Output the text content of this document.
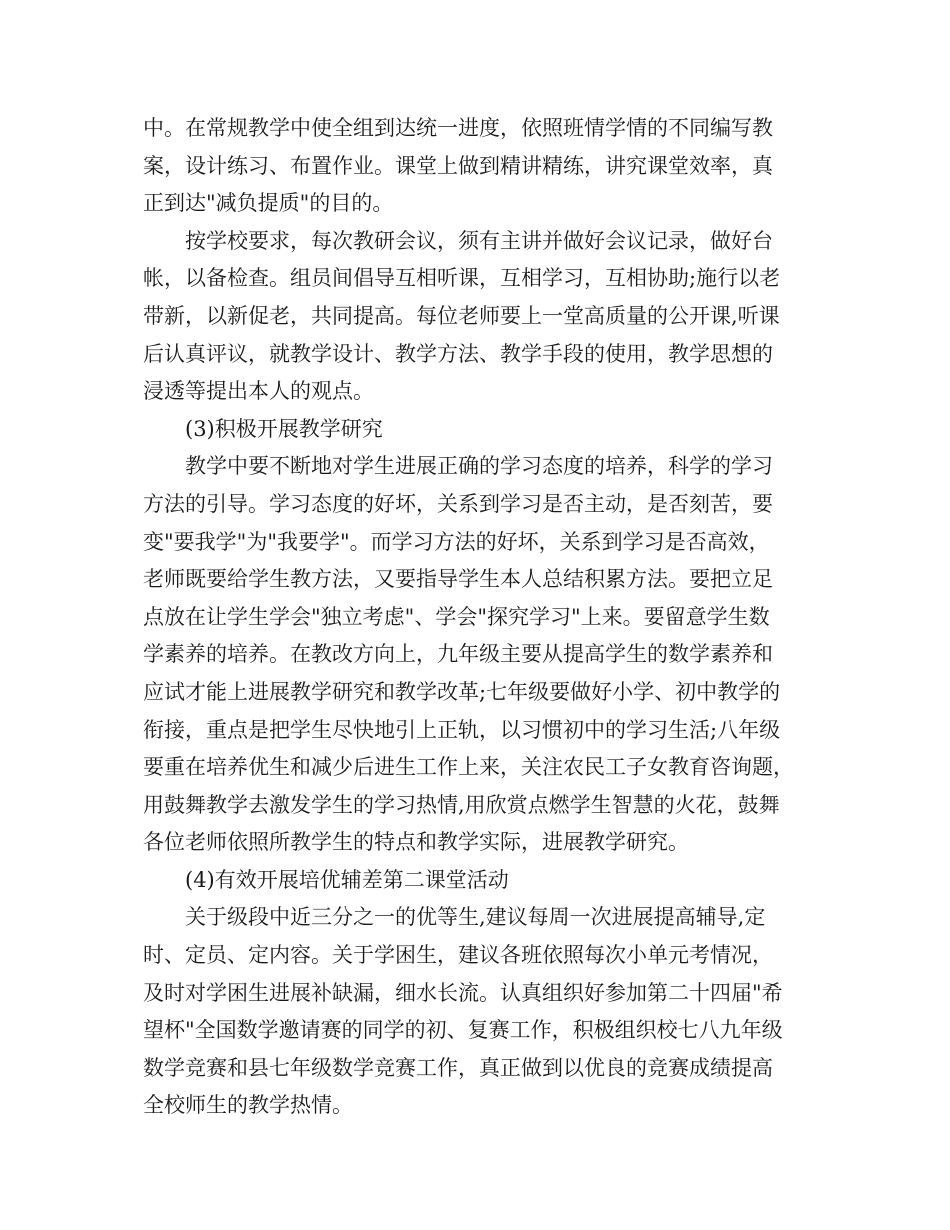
中。在常规教学中使全组到达统一进度，依照班情学情的不同编写教
案，设计练习、布置作业。课堂上做到精讲精练，讲究课堂效率，真
正到达"减负提质"的目的。
按学校要求，每次教研会议，须有主讲并做好会议记录，做好台
帐，以备检查。组员间倡导互相听课，互相学习，互相协助;施行以老
带新，以新促老，共同提高。每位老师要上一堂高质量的公开课,听课
后认真评议，就教学设计、教学方法、教学手段的使用，教学思想的
浸透等提出本人的观点。
(3)积极开展教学研究
教学中要不断地对学生进展正确的学习态度的培养，科学的学习
方法的引导。学习态度的好坏，关系到学习是否主动，是否刻苦，要
变"要我学"为"我要学"。而学习方法的好坏，关系到学习是否高效，
老师既要给学生教方法，又要指导学生本人总结积累方法。要把立足
点放在让学生学会"独立考虑"、学会"探究学习"上来。要留意学生数
学素养的培养。在教改方向上，九年级主要从提高学生的数学素养和
应试才能上进展教学研究和教学改革;七年级要做好小学、初中教学的
衔接，重点是把学生尽快地引上正轨，以习惯初中的学习生活;八年级
要重在培养优生和减少后进生工作上来，关注农民工子女教育咨询题，
用鼓舞教学去激发学生的学习热情,用欣赏点燃学生智慧的火花，鼓舞
各位老师依照所教学生的特点和教学实际，进展教学研究。
(4)有效开展培优辅差第二课堂活动
关于级段中近三分之一的优等生,建议每周一次进展提高辅导,定
时、定员、定内容。关于学困生，建议各班依照每次小单元考情况，
及时对学困生进展补缺漏，细水长流。认真组织好参加第二十四届"希
望杯"全国数学邀请赛的同学的初、复赛工作，积极组织校七八九年级
数学竞赛和县七年级数学竞赛工作，真正做到以优良的竞赛成绩提高
全校师生的教学热情。
